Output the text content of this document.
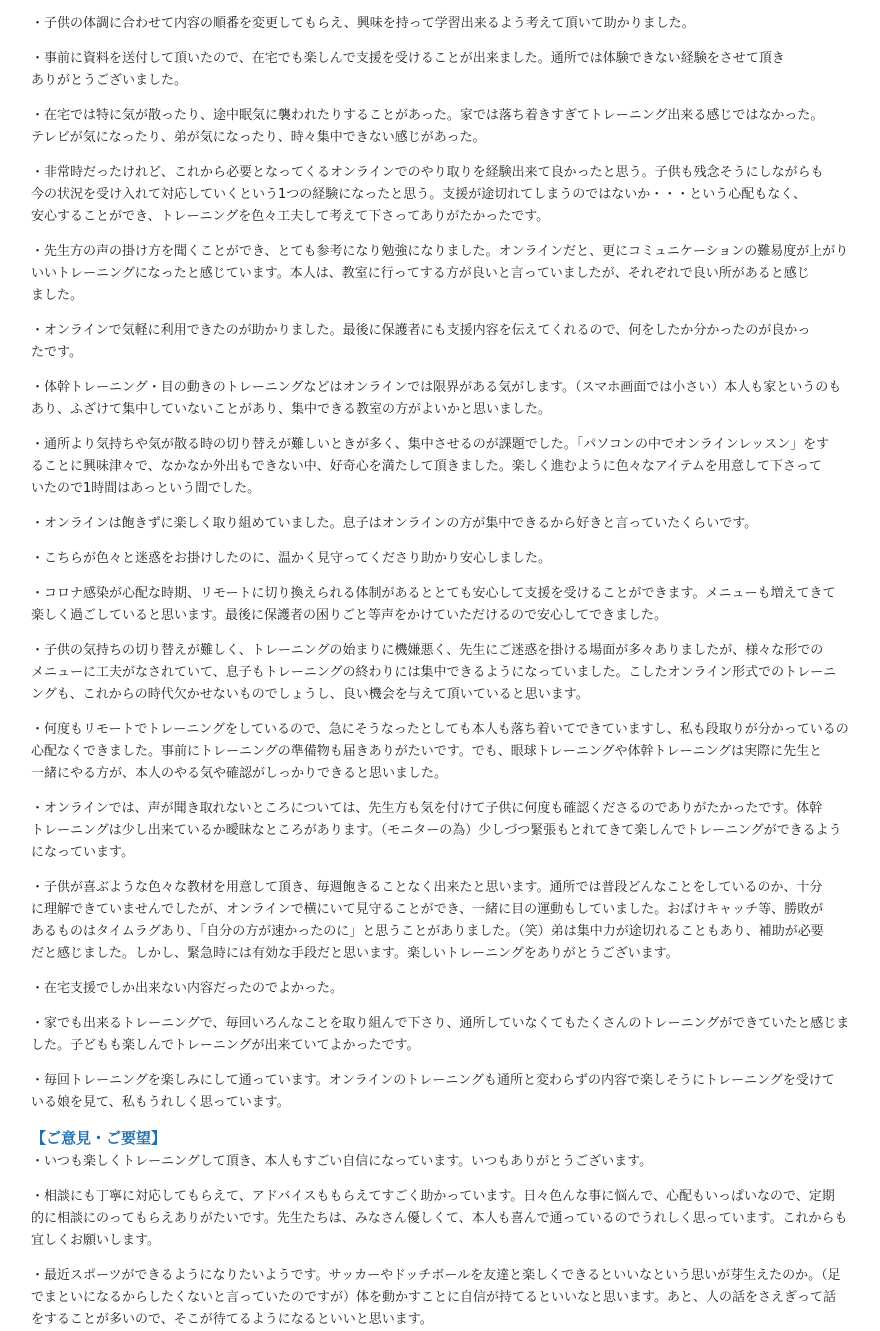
・子供の体調に合わせて内容の順番を変更してもらえ、興味を持って学習出来るよう考えて頂いて助かりました。

・事前に資料を送付して頂いたので、在宅でも楽しんで支援を受けることが出来ました。通所では体験できない経験をさせて頂き
ありがとうございました。

・在宅では特に気が散ったり、途中眠気に襲われたりすることがあった。家では落ち着きすぎてトレーニング出来る感じではなかった。
テレビが気になったり、弟が気になったり、時々集中できない感じがあった。

・非常時だったけれど、これから必要となってくるオンラインでのやり取りを経験出来て良かったと思う。子供も残念そうにしながらも
今の状況を受け入れて対応していくという1つの経験になったと思う。支援が途切れてしまうのではないか・・・という心配もなく、
安心することができ、トレーニングを色々工夫して考えて下さってありがたかったです。

・先生方の声の掛け方を聞くことができ、とても参考になり勉強になりました。オンラインだと、更にコミュニケーションの難易度が上がり
いいトレーニングになったと感じています。本人は、教室に行ってする方が良いと言っていましたが、それぞれで良い所があると感じ
ました。

・オンラインで気軽に利用できたのが助かりました。最後に保護者にも支援内容を伝えてくれるので、何をしたか分かったのが良かっ
たです。

・体幹トレーニング・目の動きのトレーニングなどはオンラインでは限界がある気がします。（スマホ画面では小さい）本人も家というのも
あり、ふざけて集中していないことがあり、集中できる教室の方がよいかと思いました。

・通所より気持ちや気が散る時の切り替えが難しいときが多く、集中させるのが課題でした。「パソコンの中でオンラインレッスン」をす
ることに興味津々で、なかなか外出もできない中、好奇心を満たして頂きました。楽しく進むように色々なアイテムを用意して下さって
いたので1時間はあっという間でした。

・オンラインは飽きずに楽しく取り組めていました。息子はオンラインの方が集中できるから好きと言っていたくらいです。

・こちらが色々と迷惑をお掛けしたのに、温かく見守ってくださり助かり安心しました。

・コロナ感染が心配な時期、リモートに切り換えられる体制があるととても安心して支援を受けることができます。メニューも増えてきて
楽しく過ごしていると思います。最後に保護者の困りごと等声をかけていただけるので安心してできました。

・子供の気持ちの切り替えが難しく、トレーニングの始まりに機嫌悪く、先生にご迷惑を掛ける場面が多々ありましたが、様々な形での
メニューに工夫がなされていて、息子もトレーニングの終わりには集中できるようになっていました。こしたオンライン形式でのトレーニ
ングも、これからの時代欠かせないものでしょうし、良い機会を与えて頂いていると思います。

・何度もリモートでトレーニングをしているので、急にそうなったとしても本人も落ち着いてできていますし、私も段取りが分かっているの
心配なくできました。事前にトレーニングの準備物も届きありがたいです。でも、眼球トレーニングや体幹トレーニングは実際に先生と
一緒にやる方が、本人のやる気や確認がしっかりできると思いました。

・オンラインでは、声が聞き取れないところについては、先生方も気を付けて子供に何度も確認くださるのでありがたかったです。体幹
トレーニングは少し出来ているか曖昧なところがあります。（モニターの為）少しづつ緊張もとれてきて楽しんでトレーニングができるよう
になっています。

・子供が喜ぶような色々な教材を用意して頂き、毎週飽きることなく出来たと思います。通所では普段どんなことをしているのか、十分
に理解できていませんでしたが、オンラインで横にいて見守ることができ、一緒に目の運動もしていました。おばけキャッチ等、勝敗が
あるものはタイムラグあり、「自分の方が速かったのに」と思うことがありました。（笑）弟は集中力が途切れることもあり、補助が必要
だと感じました。しかし、緊急時には有効な手段だと思います。楽しいトレーニングをありがとうございます。

・在宅支援でしか出来ない内容だったのでよかった。

・家でも出来るトレーニングで、毎回いろんなことを取り組んで下さり、通所していなくてもたくさんのトレーニングができていたと感じま
した。子どもも楽しんでトレーニングが出来ていてよかったです。

・毎回トレーニングを楽しみにして通っています。オンラインのトレーニングも通所と変わらずの内容で楽しそうにトレーニングを受けて
いる娘を見て、私もうれしく思っています。

【ご意見・ご要望】

・いつも楽しくトレーニングして頂き、本人もすごい自信になっています。いつもありがとうございます。

・相談にも丁寧に対応してもらえて、アドバイスももらえてすごく助かっています。日々色んな事に悩んで、心配もいっぱいなので、定期
的に相談にのってもらえありがたいです。先生たちは、みなさん優しくて、本人も喜んで通っているのでうれしく思っています。これからも
宜しくお願いします。

・最近スポーツができるようになりたいようです。サッカーやドッチボールを友達と楽しくできるといいなという思いが芽生えたのか。（足
でまといになるからしたくないと言っていたのですが）体を動かすことに自信が持てるといいなと思います。あと、人の話をさえぎって話
をすることが多いので、そこが待てるようになるといいと思います。
